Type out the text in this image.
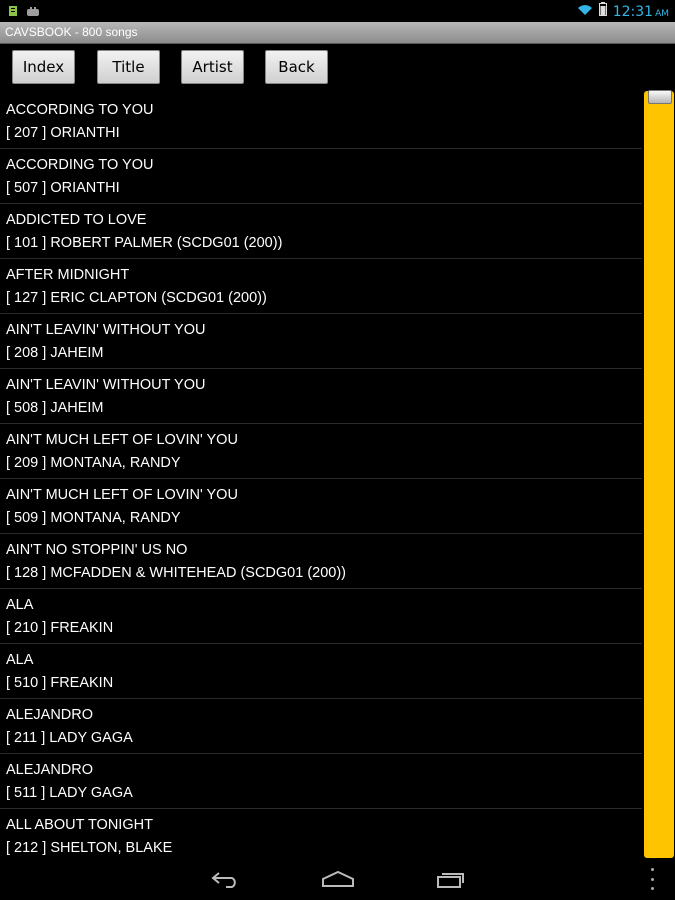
12:31 AM
CAVSBOOK - 800 songs
Index	Title	Artist	Back
ACCORDING TO YOU
[ 207 ] ORIANTHI
ACCORDING TO YOU
[ 507 ] ORIANTHI
ADDICTED TO LOVE
[ 101 ] ROBERT PALMER (SCDG01 (200))
AFTER MIDNIGHT
[ 127 ] ERIC CLAPTON (SCDG01 (200))
AIN'T LEAVIN' WITHOUT YOU
[ 208 ] JAHEIM
AIN'T LEAVIN' WITHOUT YOU
[ 508 ] JAHEIM
AIN'T MUCH LEFT OF LOVIN' YOU
[ 209 ] MONTANA, RANDY
AIN'T MUCH LEFT OF LOVIN' YOU
[ 509 ] MONTANA, RANDY
AIN'T NO STOPPIN' US NO
[ 128 ] MCFADDEN & WHITEHEAD (SCDG01 (200))
ALA
[ 210 ] FREAKIN
ALA
[ 510 ] FREAKIN
ALEJANDRO
[ 211 ] LADY GAGA
ALEJANDRO
[ 511 ] LADY GAGA
ALL ABOUT TONIGHT
[ 212 ] SHELTON, BLAKE
